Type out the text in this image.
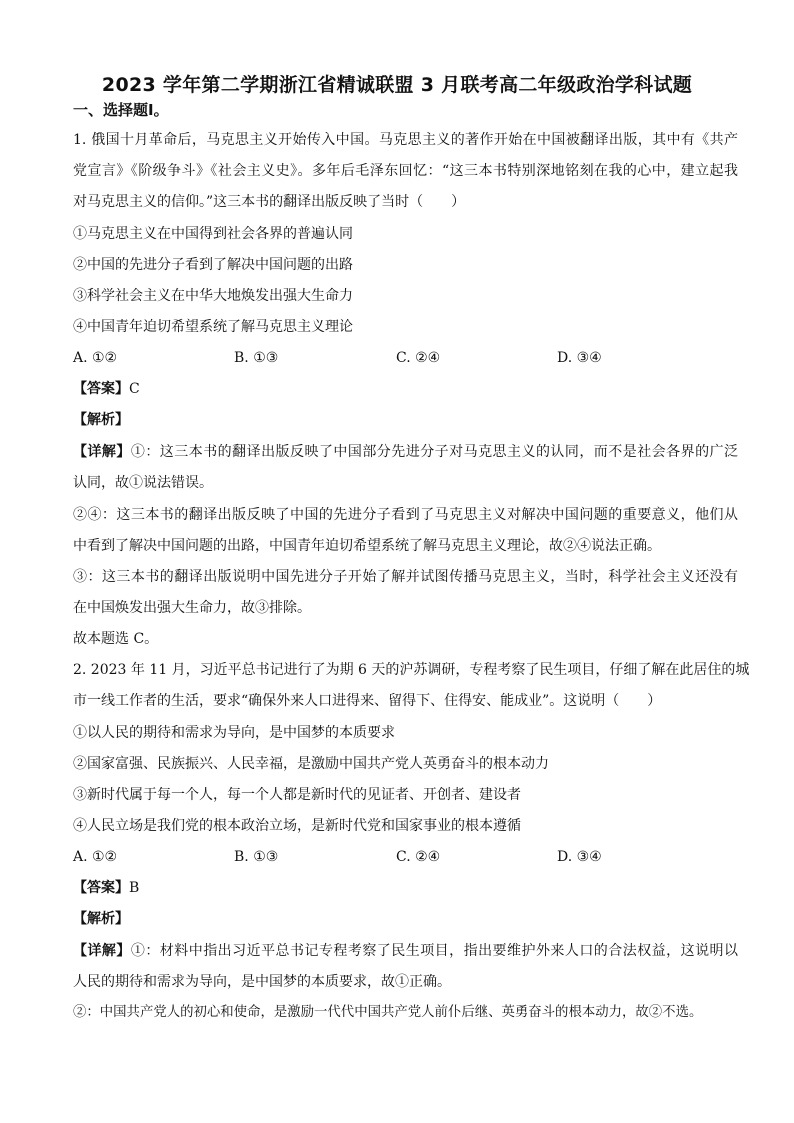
2023 学年第二学期浙江省精诚联盟 3 月联考高二年级政治学科试题
一、选择题Ⅰ。
1. 俄国十月革命后，马克思主义开始传入中国。马克思主义的著作开始在中国被翻译出版，其中有《共产
党宣言》《阶级争斗》《社会主义史》。多年后毛泽东回忆：“这三本书特别深地铭刻在我的心中，建立起我
对马克思主义的信仰。”这三本书的翻译出版反映了当时（　　）
①马克思主义在中国得到社会各界的普遍认同
②中国的先进分子看到了解决中国问题的出路
③科学社会主义在中华大地焕发出强大生命力
④中国青年迫切希望系统了解马克思主义理论
A. ①②	B. ①③	C. ②④	D. ③④
【答案】C
【解析】
【详解】①：这三本书的翻译出版反映了中国部分先进分子对马克思主义的认同，而不是社会各界的广泛
认同，故①说法错误。
②④：这三本书的翻译出版反映了中国的先进分子看到了马克思主义对解决中国问题的重要意义，他们从
中看到了解决中国问题的出路，中国青年迫切希望系统了解马克思主义理论，故②④说法正确。
③：这三本书的翻译出版说明中国先进分子开始了解并试图传播马克思主义，当时，科学社会主义还没有
在中国焕发出强大生命力，故③排除。
故本题选 C。
2. 2023 年 11 月，习近平总书记进行了为期 6 天的沪苏调研，专程考察了民生项目，仔细了解在此居住的城
市一线工作者的生活，要求“确保外来人口进得来、留得下、住得安、能成业”。这说明（　　）
①以人民的期待和需求为导向，是中国梦的本质要求
②国家富强、民族振兴、人民幸福，是激励中国共产党人英勇奋斗的根本动力
③新时代属于每一个人，每一个人都是新时代的见证者、开创者、建设者
④人民立场是我们党的根本政治立场，是新时代党和国家事业的根本遵循
A. ①②	B. ①③	C. ②④	D. ③④
【答案】B
【解析】
【详解】①：材料中指出习近平总书记专程考察了民生项目，指出要维护外来人口的合法权益，这说明以
人民的期待和需求为导向，是中国梦的本质要求，故①正确。
②：中国共产党人的初心和使命，是激励一代代中国共产党人前仆后继、英勇奋斗的根本动力，故②不选。
